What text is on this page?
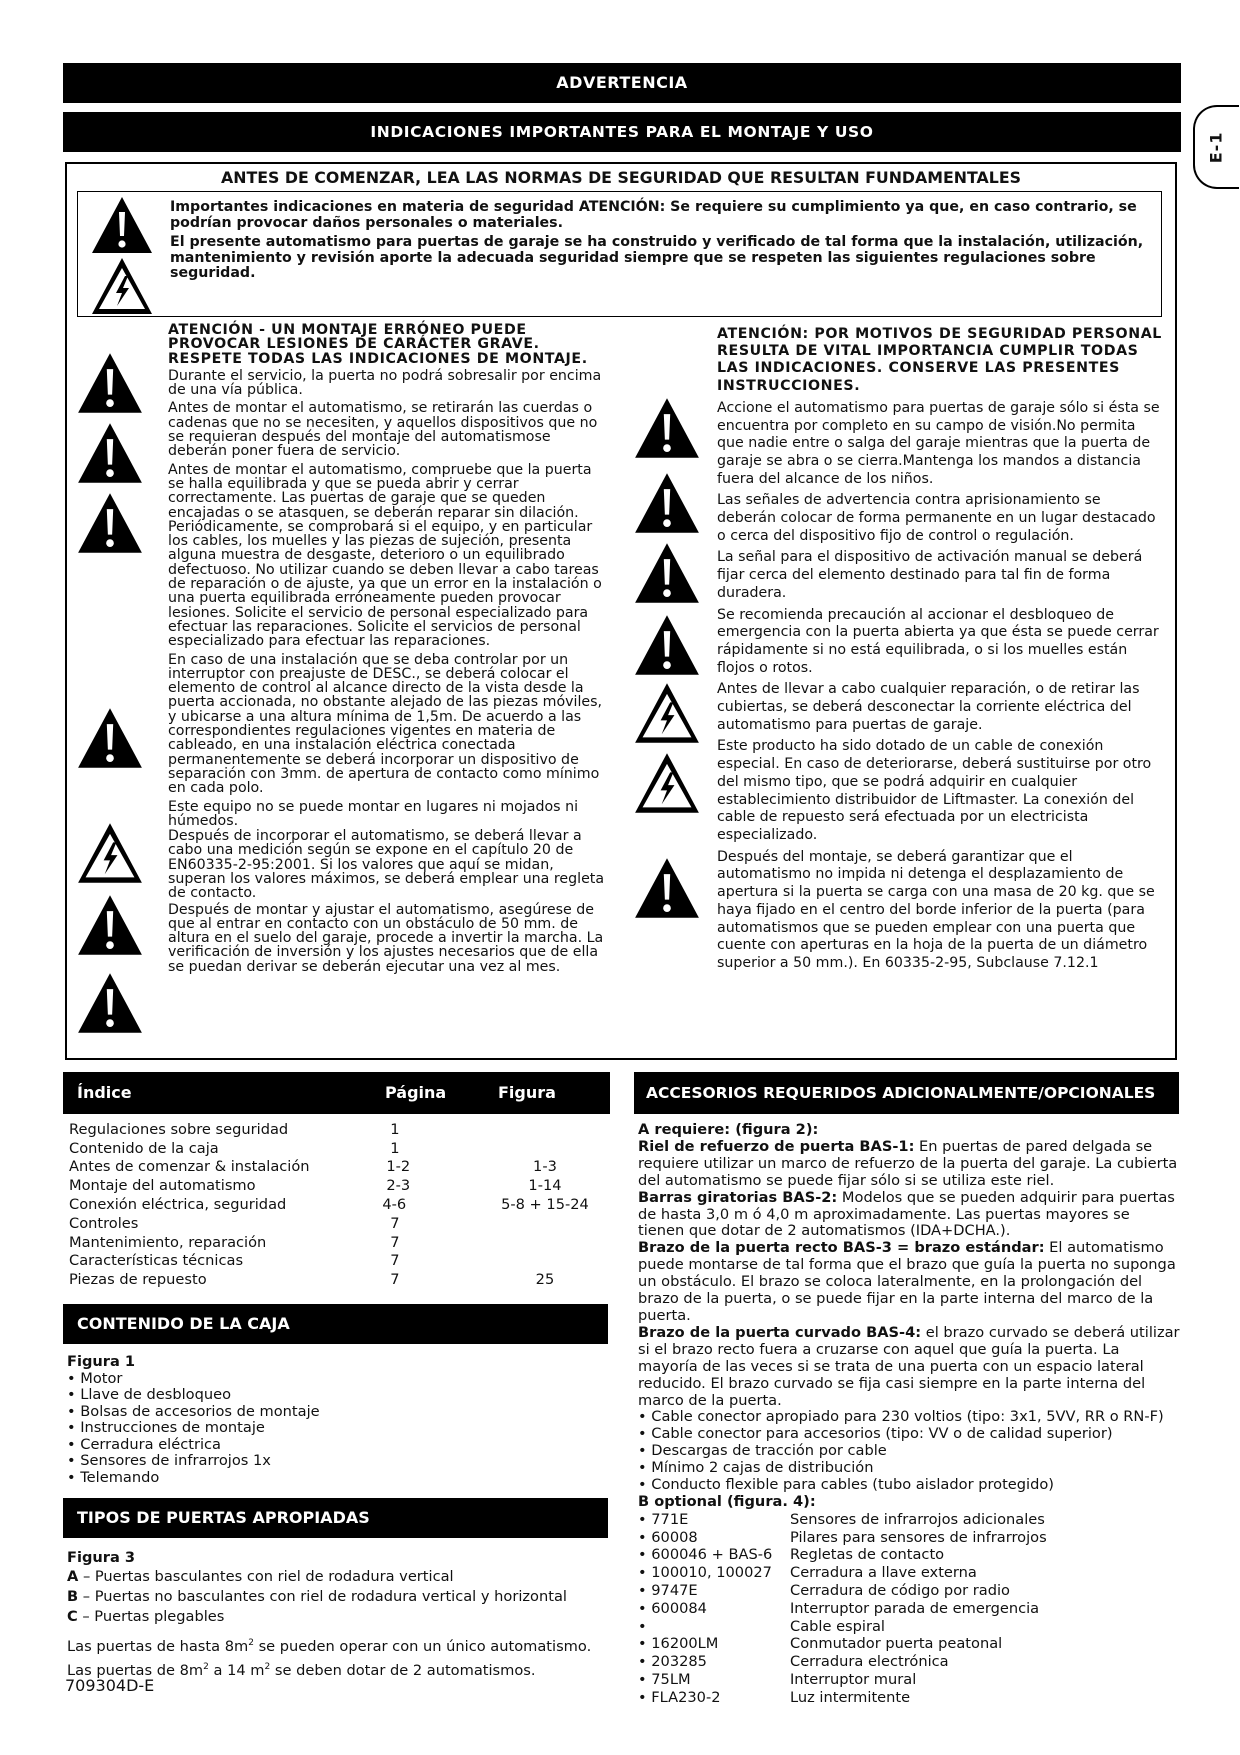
E-1
ADVERTENCIA
INDICACIONES IMPORTANTES PARA EL MONTAJE Y USO
ANTES DE COMENZAR, LEA LAS NORMAS DE SEGURIDAD QUE RESULTAN FUNDAMENTALES

Importantes indicaciones en materia de seguridad ATENCIÓN: Se requiere su cumplimiento ya que, en caso contrario, se podrían provocar daños personales o materiales.

El presente automatismo para puertas de garaje se ha construido y verificado de tal forma que la instalación, utilización, mantenimiento y revisión aporte la adecuada seguridad siempre que se respeten las siguientes regulaciones sobre seguridad.

ATENCIÓN - UN MONTAJE ERRÓNEO PUEDE PROVOCAR LESIONES DE CARÁCTER GRAVE. RESPETE TODAS LAS INDICACIONES DE MONTAJE.

Durante el servicio, la puerta no podrá sobresalir por encima de una vía pública.

Antes de montar el automatismo, se retirarán las cuerdas o cadenas que no se necesiten, y aquellos dispositivos que no se requieran después del montaje del automatismose deberán poner fuera de servicio.

Antes de montar el automatismo, compruebe que la puerta se halla equilibrada y que se pueda abrir y cerrar correctamente. Las puertas de garaje que se queden encajadas o se atasquen, se deberán reparar sin dilación. Periódicamente, se comprobará si el equipo, y en particular los cables, los muelles y las piezas de sujeción, presenta alguna muestra de desgaste, deterioro o un equilibrado defectuoso. No utilizar cuando se deben llevar a cabo tareas de reparación o de ajuste, ya que un error en la instalación o una puerta equilibrada erróneamente pueden provocar lesiones. Solicite el servicio de personal especializado para efectuar las reparaciones. Solicite el servicios de personal especializado para efectuar las reparaciones.

En caso de una instalación que se deba controlar por un interruptor con preajuste de DESC., se deberá colocar el elemento de control al alcance directo de la vista desde la puerta accionada, no obstante alejado de las piezas móviles, y ubicarse a una altura mínima de 1,5m. De acuerdo a las correspondientes regulaciones vigentes en materia de cableado, en una instalación eléctrica conectada permanentemente se deberá incorporar un dispositivo de separación con 3mm. de apertura de contacto como mínimo en cada polo.

Este equipo no se puede montar en lugares ni mojados ni húmedos.

Después de incorporar el automatismo, se deberá llevar a cabo una medición según se expone en el capítulo 20 de EN60335-2-95:2001. Si los valores que aquí se midan, superan los valores máximos, se deberá emplear una regleta de contacto.

Después de montar y ajustar el automatismo, asegúrese de que al entrar en contacto con un obstáculo de 50 mm. de altura en el suelo del garaje, procede a invertir la marcha. La verificación de inversión y los ajustes necesarios que de ella se puedan derivar se deberán ejecutar una vez al mes.

ATENCIÓN: POR MOTIVOS DE SEGURIDAD PERSONAL RESULTA DE VITAL IMPORTANCIA CUMPLIR TODAS LAS INDICACIONES. CONSERVE LAS PRESENTES INSTRUCCIONES.

Accione el automatismo para puertas de garaje sólo si ésta se encuentra por completo en su campo de visión.No permita que nadie entre o salga del garaje mientras que la puerta de garaje se abra o se cierra.Mantenga los mandos a distancia fuera del alcance de los niños.

Las señales de advertencia contra aprisionamiento se deberán colocar de forma permanente en un lugar destacado o cerca del dispositivo fijo de control o regulación.

La señal para el dispositivo de activación manual se deberá fijar cerca del elemento destinado para tal fin de forma duradera.

Se recomienda precaución al accionar el desbloqueo de emergencia con la puerta abierta ya que ésta se puede cerrar rápidamente si no está equilibrada, o si los muelles están flojos o rotos.

Antes de llevar a cabo cualquier reparación, o de retirar las cubiertas, se deberá desconectar la corriente eléctrica del automatismo para puertas de garaje.

Este producto ha sido dotado de un cable de conexión especial. En caso de deteriorarse, deberá sustituirse por otro del mismo tipo, que se podrá adquirir en cualquier establecimiento distribuidor de Liftmaster. La conexión del cable de repuesto será efectuada por un electricista especializado.

Después del montaje, se deberá garantizar que el automatismo no impida ni detenga el desplazamiento de apertura si la puerta se carga con una masa de 20 kg. que se haya fijado en el centro del borde inferior de la puerta (para automatismos que se pueden emplear con una puerta que cuente con aperturas en la hoja de la puerta de un diámetro superior a 50 mm.). En 60335-2-95, Subclause 7.12.1

Índice	Página	Figura
Regulaciones sobre seguridad	1
Contenido de la caja	1
Antes de comenzar & instalación	1-2	1-3
Montaje del automatismo	2-3	1-14
Conexión eléctrica, seguridad	4-6	5-8 + 15-24
Controles	7
Mantenimiento, reparación	7
Características técnicas	7
Piezas de repuesto	7	25
CONTENIDO DE LA CAJA
Figura 1
• Motor
• Llave de desbloqueo
• Bolsas de accesorios de montaje
• Instrucciones de montaje
• Cerradura eléctrica
• Sensores de infrarrojos 1x
• Telemando
TIPOS DE PUERTAS APROPIADAS
Figura 3
A – Puertas basculantes con riel de rodadura vertical
B – Puertas no basculantes con riel de rodadura vertical y horizontal
C – Puertas plegables
Las puertas de hasta $8m^2$ se pueden operar con un único automatismo.
Las puertas de $8m^2$ a 14 $m^2$ se deben dotar de 2 automatismos.
709304D-E
ACCESORIOS REQUERIDOS ADICIONALMENTE/OPCIONALES
A requiere: (figura 2):
Riel de refuerzo de puerta BAS-1: En puertas de pared delgada se requiere utilizar un marco de refuerzo de la puerta del garaje. La cubierta del automatismo se puede fijar sólo si se utiliza este riel.
Barras giratorias BAS-2: Modelos que se pueden adquirir para puertas de hasta 3,0 m ó 4,0 m aproximadamente. Las puertas mayores se tienen que dotar de 2 automatismos (IDA+DCHA.).
Brazo de la puerta recto BAS-3 = brazo estándar: El automatismo puede montarse de tal forma que el brazo que guía la puerta no suponga un obstáculo. El brazo se coloca lateralmente, en la prolongación del brazo de la puerta, o se puede fijar en la parte interna del marco de la puerta.
Brazo de la puerta curvado BAS-4: el brazo curvado se deberá utilizar si el brazo recto fuera a cruzarse con aquel que guía la puerta. La mayoría de las veces si se trata de una puerta con un espacio lateral reducido. El brazo curvado se fija casi siempre en la parte interna del marco de la puerta.
• Cable conector apropiado para 230 voltios (tipo: 3x1, 5VV, RR o RN-F)
• Cable conector para accesorios (tipo: VV o de calidad superior)
• Descargas de tracción por cable
• Mínimo 2 cajas de distribución
• Conducto flexible para cables (tubo aislador protegido)
B optional (figura. 4):
• 771E	Sensores de infrarrojos adicionales
• 60008	Pilares para sensores de infrarrojos
• 600046 + BAS-6	Regletas de contacto
• 100010, 100027	Cerradura a llave externa
• 9747E	Cerradura de código por radio
• 600084	Interruptor parada de emergencia
•	Cable espiral
• 16200LM	Conmutador puerta peatonal
• 203285	Cerradura electrónica
• 75LM	Interruptor mural
• FLA230-2	Luz intermitente
